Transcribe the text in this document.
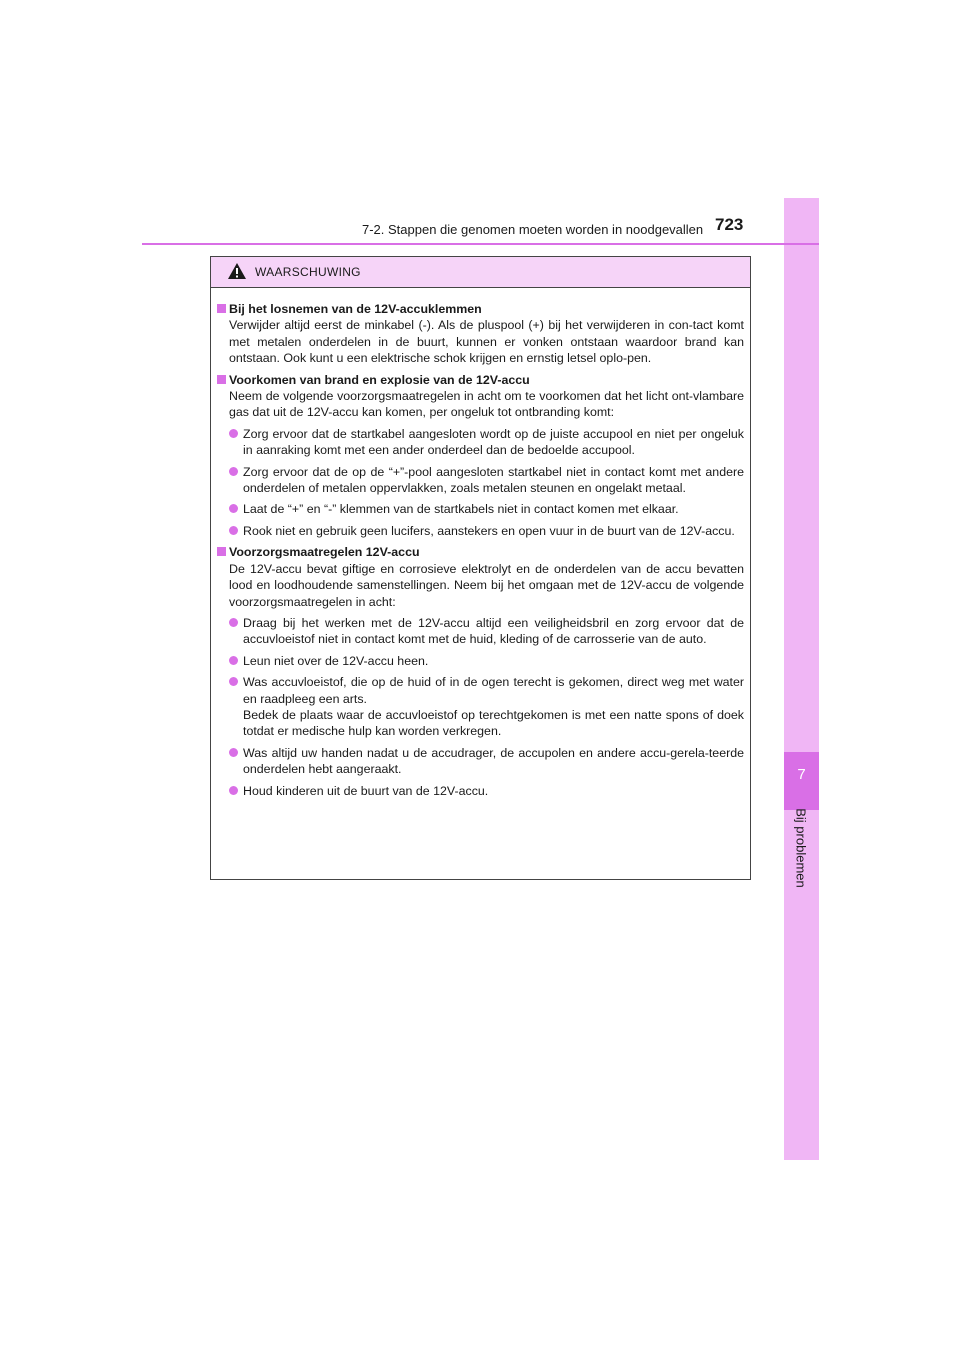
7
Bij problemen
7-2. Stappen die genomen moeten worden in noodgevallen 723
WAARSCHUWING
Bij het losnemen van de 12V-accuklemmen
Verwijder altijd eerst de minkabel (-). Als de pluspool (+) bij het verwijderen in con-tact komt met metalen onderdelen in de buurt, kunnen er vonken ontstaan waardoor brand kan ontstaan. Ook kunt u een elektrische schok krijgen en ernstig letsel oplo-pen.
Voorkomen van brand en explosie van de 12V-accu
Neem de volgende voorzorgsmaatregelen in acht om te voorkomen dat het licht ont-vlambare gas dat uit de 12V-accu kan komen, per ongeluk tot ontbranding komt:
Zorg ervoor dat de startkabel aangesloten wordt op de juiste accupool en niet per ongeluk in aanraking komt met een ander onderdeel dan de bedoelde accupool.
Zorg ervoor dat de op de “+”-pool aangesloten startkabel niet in contact komt met andere onderdelen of metalen oppervlakken, zoals metalen steunen en ongelakt metaal.
Laat de “+” en “-” klemmen van de startkabels niet in contact komen met elkaar.
Rook niet en gebruik geen lucifers, aanstekers en open vuur in de buurt van de 12V-accu.
Voorzorgsmaatregelen 12V-accu
De 12V-accu bevat giftige en corrosieve elektrolyt en de onderdelen van de accu bevatten lood en loodhoudende samenstellingen. Neem bij het omgaan met de 12V-accu de volgende voorzorgsmaatregelen in acht:
Draag bij het werken met de 12V-accu altijd een veiligheidsbril en zorg ervoor dat de accuvloeistof niet in contact komt met de huid, kleding of de carrosserie van de auto.
Leun niet over de 12V-accu heen.
Was accuvloeistof, die op de huid of in de ogen terecht is gekomen, direct weg met water en raadpleeg een arts.
Bedek de plaats waar de accuvloeistof op terechtgekomen is met een natte spons of doek totdat er medische hulp kan worden verkregen.
Was altijd uw handen nadat u de accudrager, de accupolen en andere accu-gerela-teerde onderdelen hebt aangeraakt.
Houd kinderen uit de buurt van de 12V-accu.
